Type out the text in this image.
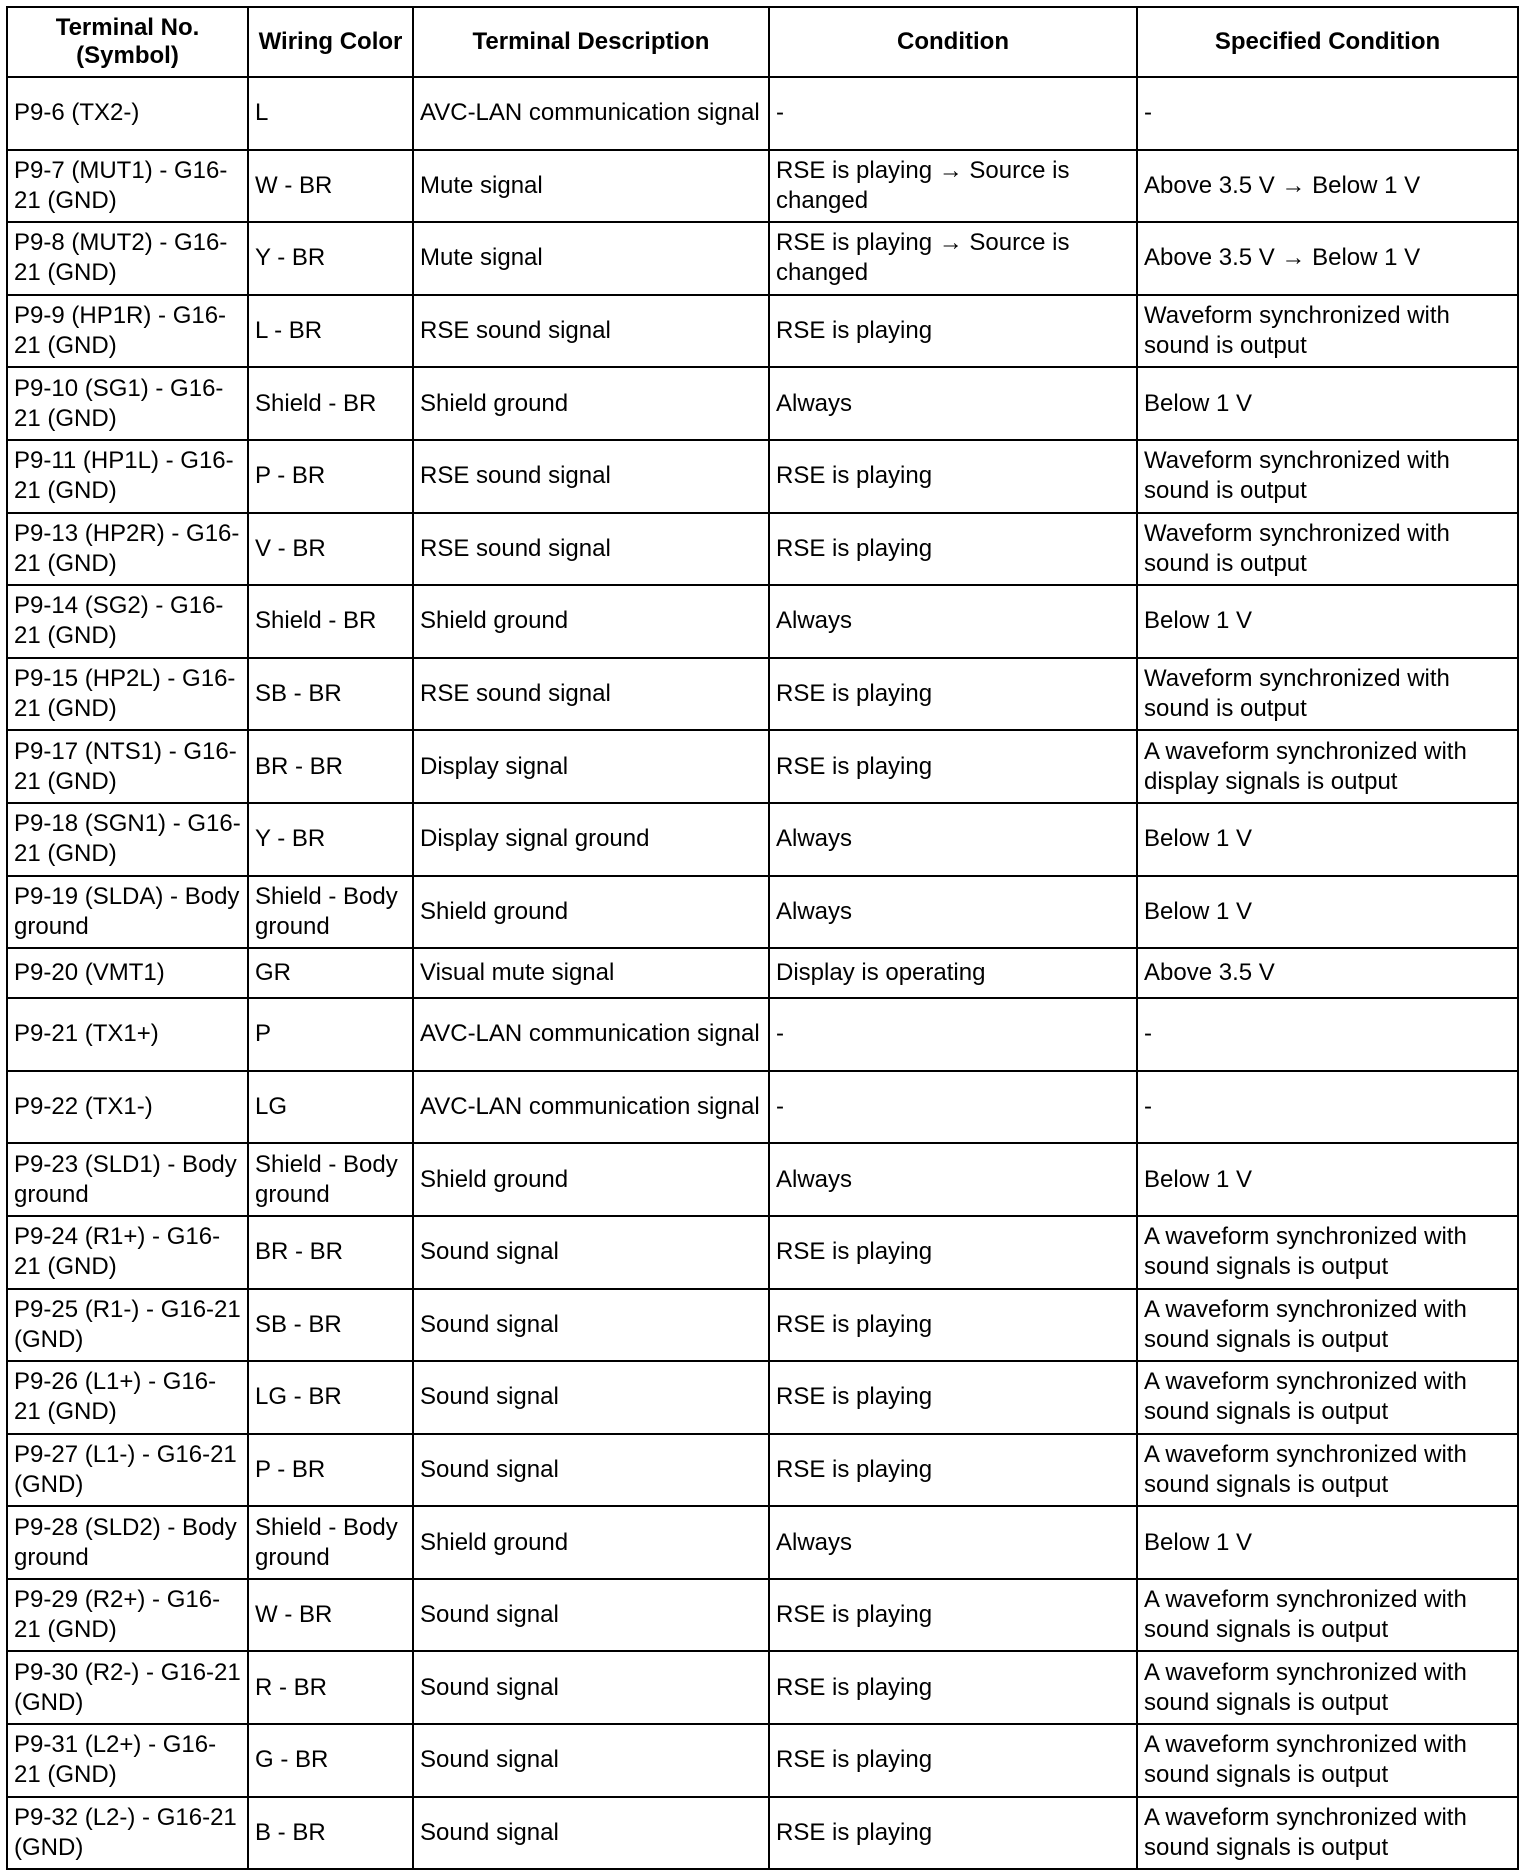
Terminal No. (Symbol)	Wiring Color	Terminal Description	Condition	Specified Condition
P9-6 (TX2-)	L	AVC-LAN communication signal	-	-
P9-7 (MUT1) - G16-21 (GND)	W - BR	Mute signal	RSE is playing → Source is changed	Above 3.5 V → Below 1 V
P9-8 (MUT2) - G16-21 (GND)	Y - BR	Mute signal	RSE is playing → Source is changed	Above 3.5 V → Below 1 V
P9-9 (HP1R) - G16-21 (GND)	L - BR	RSE sound signal	RSE is playing	Waveform synchronized with sound is output
P9-10 (SG1) - G16-21 (GND)	Shield - BR	Shield ground	Always	Below 1 V
P9-11 (HP1L) - G16-21 (GND)	P - BR	RSE sound signal	RSE is playing	Waveform synchronized with sound is output
P9-13 (HP2R) - G16-21 (GND)	V - BR	RSE sound signal	RSE is playing	Waveform synchronized with sound is output
P9-14 (SG2) - G16-21 (GND)	Shield - BR	Shield ground	Always	Below 1 V
P9-15 (HP2L) - G16-21 (GND)	SB - BR	RSE sound signal	RSE is playing	Waveform synchronized with sound is output
P9-17 (NTS1) - G16-21 (GND)	BR - BR	Display signal	RSE is playing	A waveform synchronized with display signals is output
P9-18 (SGN1) - G16-21 (GND)	Y - BR	Display signal ground	Always	Below 1 V
P9-19 (SLDA) - Body ground	Shield - Body ground	Shield ground	Always	Below 1 V
P9-20 (VMT1)	GR	Visual mute signal	Display is operating	Above 3.5 V
P9-21 (TX1+)	P	AVC-LAN communication signal	-	-
P9-22 (TX1-)	LG	AVC-LAN communication signal	-	-
P9-23 (SLD1) - Body ground	Shield - Body ground	Shield ground	Always	Below 1 V
P9-24 (R1+) - G16-21 (GND)	BR - BR	Sound signal	RSE is playing	A waveform synchronized with sound signals is output
P9-25 (R1-) - G16-21 (GND)	SB - BR	Sound signal	RSE is playing	A waveform synchronized with sound signals is output
P9-26 (L1+) - G16-21 (GND)	LG - BR	Sound signal	RSE is playing	A waveform synchronized with sound signals is output
P9-27 (L1-) - G16-21 (GND)	P - BR	Sound signal	RSE is playing	A waveform synchronized with sound signals is output
P9-28 (SLD2) - Body ground	Shield - Body ground	Shield ground	Always	Below 1 V
P9-29 (R2+) - G16-21 (GND)	W - BR	Sound signal	RSE is playing	A waveform synchronized with sound signals is output
P9-30 (R2-) - G16-21 (GND)	R - BR	Sound signal	RSE is playing	A waveform synchronized with sound signals is output
P9-31 (L2+) - G16-21 (GND)	G - BR	Sound signal	RSE is playing	A waveform synchronized with sound signals is output
P9-32 (L2-) - G16-21 (GND)	B - BR	Sound signal	RSE is playing	A waveform synchronized with sound signals is output
